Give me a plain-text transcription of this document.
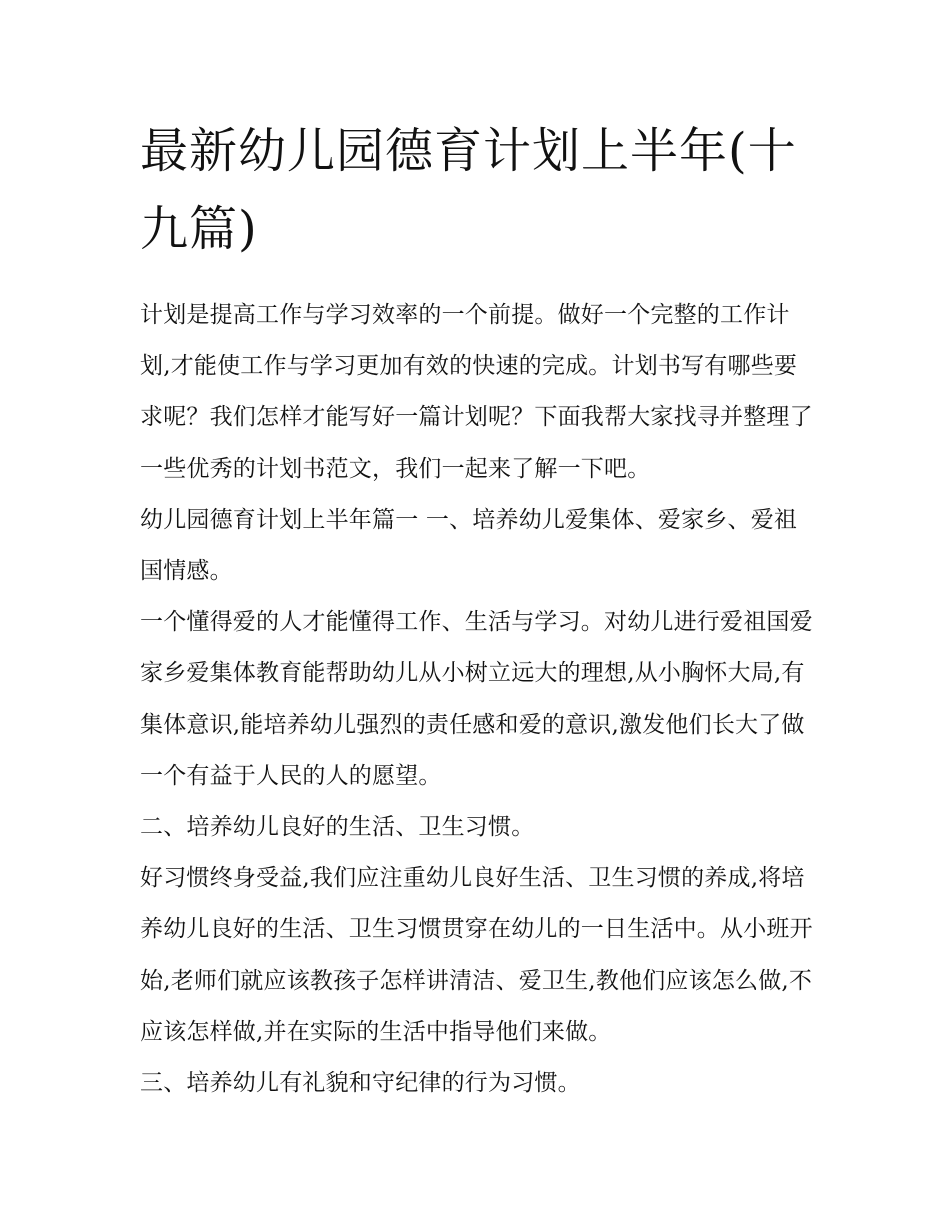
最新幼儿园德育计划上半年(十九篇)

计划是提高工作与学习效率的一个前提。做好一个完整的工作计划,才能使工作与学习更加有效的快速的完成。计划书写有哪些要求呢？我们怎样才能写好一篇计划呢？下面我帮大家找寻并整理了一些优秀的计划书范文，我们一起来了解一下吧。

幼儿园德育计划上半年篇一 一、培养幼儿爱集体、爱家乡、爱祖国情感。

一个懂得爱的人才能懂得工作、生活与学习。对幼儿进行爱祖国爱家乡爱集体教育能帮助幼儿从小树立远大的理想,从小胸怀大局,有集体意识,能培养幼儿强烈的责任感和爱的意识,激发他们长大了做一个有益于人民的人的愿望。

二、培养幼儿良好的生活、卫生习惯。

好习惯终身受益,我们应注重幼儿良好生活、卫生习惯的养成,将培养幼儿良好的生活、卫生习惯贯穿在幼儿的一日生活中。从小班开始,老师们就应该教孩子怎样讲清洁、爱卫生,教他们应该怎么做,不应该怎样做,并在实际的生活中指导他们来做。

三、培养幼儿有礼貌和守纪律的行为习惯。
